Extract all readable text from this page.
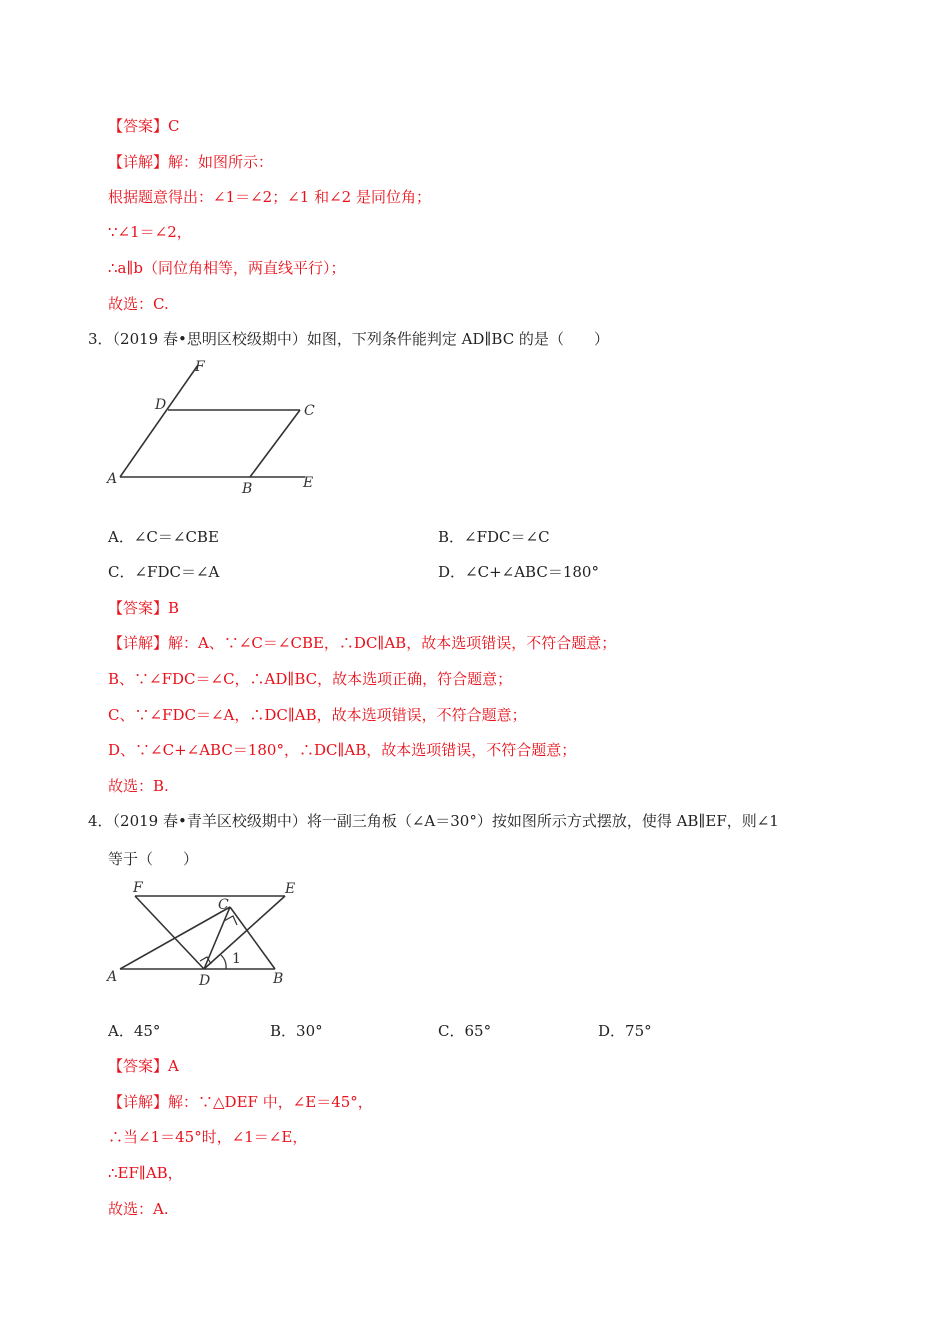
【答案】C
【详解】解：如图所示：
根据题意得出：∠1＝∠2；∠1 和∠2 是同位角；
∵∠1＝∠2，
∴a∥b（同位角相等，两直线平行）；
故选：C.
3．（2019 春•思明区校级期中）如图，下列条件能判定 AD∥BC 的是（　　）
F
D	C
A
B	E
A．∠C＝∠CBE	B．∠FDC＝∠C
C．∠FDC＝∠A	D．∠C+∠ABC＝180°
【答案】B
【详解】解：A、∵∠C＝∠CBE，∴DC∥AB，故本选项错误，不符合题意；
B、∵∠FDC＝∠C，∴AD∥BC，故本选项正确，符合题意；
C、∵∠FDC＝∠A，∴DC∥AB，故本选项错误，不符合题意；
D、∵∠C+∠ABC＝180°，∴DC∥AB，故本选项错误，不符合题意；
故选：B.
4．（2019 春•青羊区校级期中）将一副三角板（∠A＝30°）按如图所示方式摆放，使得 AB∥EF，则∠1
等于（　　）
F	E
C
A	D	B
1
A．45°	B．30°	C．65°	D．75°
【答案】A
【详解】解：∵△DEF 中，∠E＝45°，
∴当∠1＝45°时，∠1＝∠E，
∴EF∥AB，
故选：A.
